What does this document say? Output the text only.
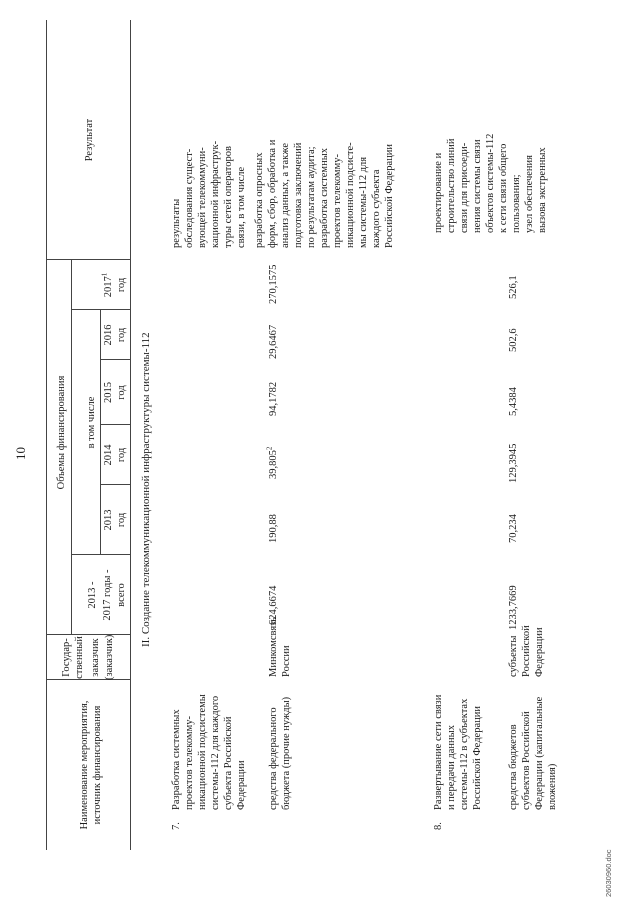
10
Наименование мероприятия, источник финансирования
Государ- ственный заказчик (заказчик)
Объемы финансирования
2013 - 2017 годы - всего
в том числе
2013 год
2014 год
2015 год
2016 год
2017$^1$
год
Результат
II. Создание телекоммуникационной инфраструктуры системы-112
7.
Разработка системных проектов телекомму- никационной подсистемы системы-112 для каждого субъекта Российской Федерации средства федерального бюджета (прочие нужды)
Минкомсвязь России
624,6674
190,88
39,805$^2$
94,1782
29,6467
270,1575
результаты обследования сущест- вующей телекоммуни- кационной инфраструк- туры сетей операторов связи, в том числе разработка опросных форм, сбор, обработка и анализ данных, а также подготовка заключений по результатам аудита; разработка системных проектов телекомму- никационной подсисте- мы системы-112 для каждого субъекта Российской Федерации
8.
Развертывание сети связи и передачи данных системы-112 в субъектах Российской Федерации средства бюджетов субъектов Российской Федерации (капитальные вложения)
субъекты Российской Федерации
1233,7669
70,234
129,3945
5,4384
502,6
526,1
проектирование и строительство линий связи для присоеди- нения системы связи объектов системы-112 к сети связи общего пользования; узел обеспечения вызова экстренных
26030960.doc
